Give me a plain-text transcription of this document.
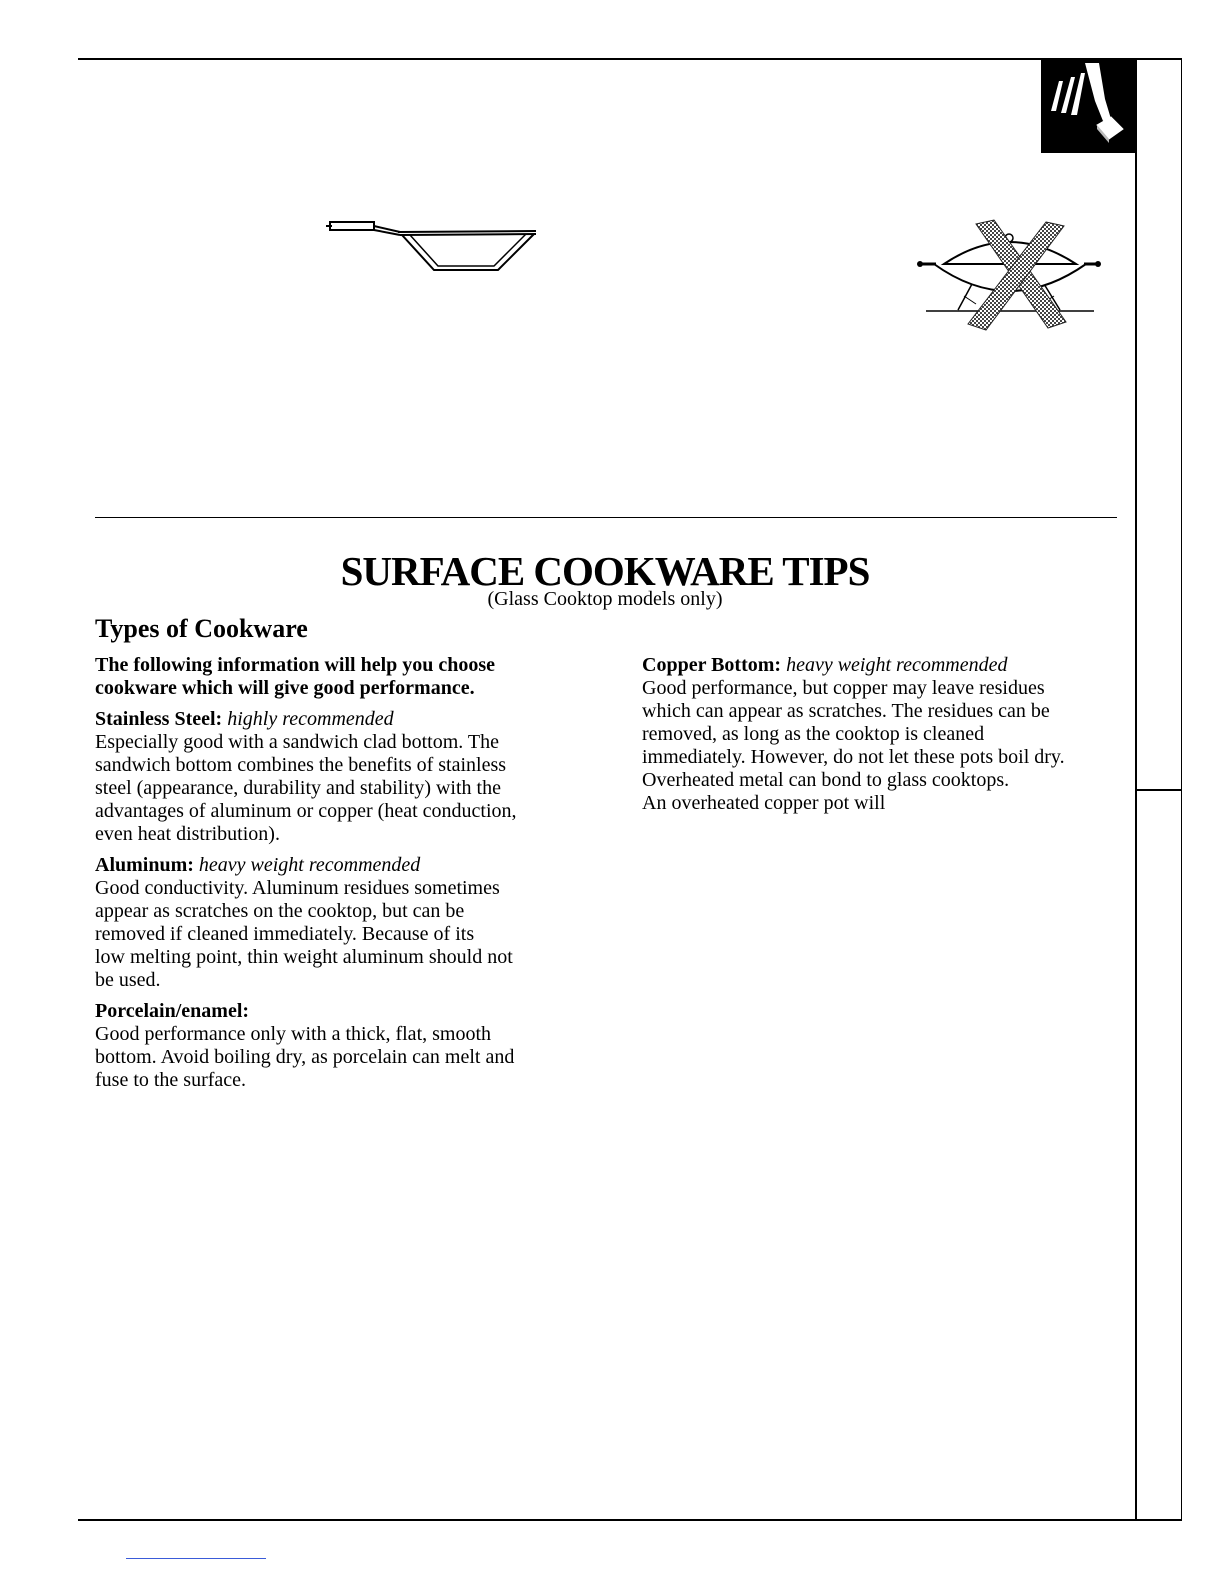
SURFACE COOKWARE TIPS

(Glass Cooktop models only)

Types of Cookware

The following information will help you choose
cookware which will give good performance.

Stainless Steel: highly recommended
Especially good with a sandwich clad bottom. The
sandwich bottom combines the benefits of stainless
steel (appearance, durability and stability) with the
advantages of aluminum or copper (heat conduction,
even heat distribution).
Aluminum: heavy weight recommended
Good conductivity. Aluminum residues sometimes
appear as scratches on the cooktop, but can be
removed if cleaned immediately. Because of its
low melting point, thin weight aluminum should not
be used.
Porcelain/enamel:
Good performance only with a thick, flat, smooth
bottom. Avoid boiling dry, as porcelain can melt and
fuse to the surface.
Copper Bottom: heavy weight recommended
Good performance, but copper may leave residues
which can appear as scratches. The residues can be
removed, as long as the cooktop is cleaned
immediately. However, do not let these pots boil dry.
Overheated metal can bond to glass cooktops.
An overheated copper pot will
